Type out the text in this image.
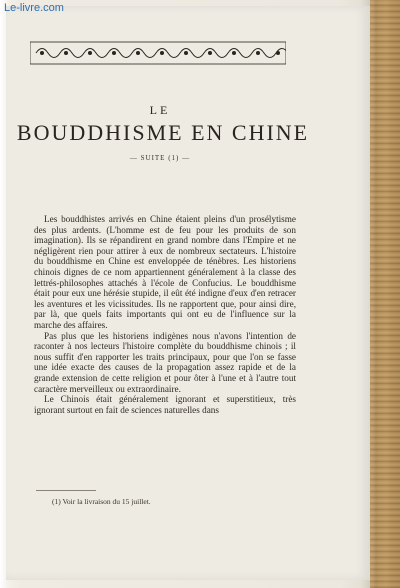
Le-livre.com
LE
BOUDDHISME EN CHINE
— SUITE (1) —

Les bouddhistes arrivés en Chine étaient pleins d'un prosélytisme des plus ardents. (L'homme est de feu pour les produits de son imagination). Ils se répandirent en grand nombre dans l'Empire et ne négligèrent rien pour attirer à eux de nombreux sectateurs. L'histoire du bouddhisme en Chine est enveloppée de ténèbres. Les historiens chinois dignes de ce nom appartiennent généralement à la classe des lettrés-philosophes attachés à l'école de Confucius. Le bouddhisme était pour eux une hérésie stupide, il eût été indigne d'eux d'en retracer les aventures et les vicissitudes. Ils ne rapportent que, pour ainsi dire, par là, que quels faits importants qui ont eu de l'influence sur la marche des affaires.

Pas plus que les historiens indigènes nous n'avons l'intention de raconter à nos lecteurs l'histoire complète du bouddhisme chinois ; il nous suffit d'en rapporter les traits principaux, pour que l'on se fasse une idée exacte des causes de la propagation assez rapide et de la grande extension de cette religion et pour ôter à l'une et à l'autre tout caractère merveilleux ou extraordinaire.

Le Chinois était généralement ignorant et superstitieux, très ignorant surtout en fait de sciences naturelles dans

(1) Voir la livraison du 15 juillet.
